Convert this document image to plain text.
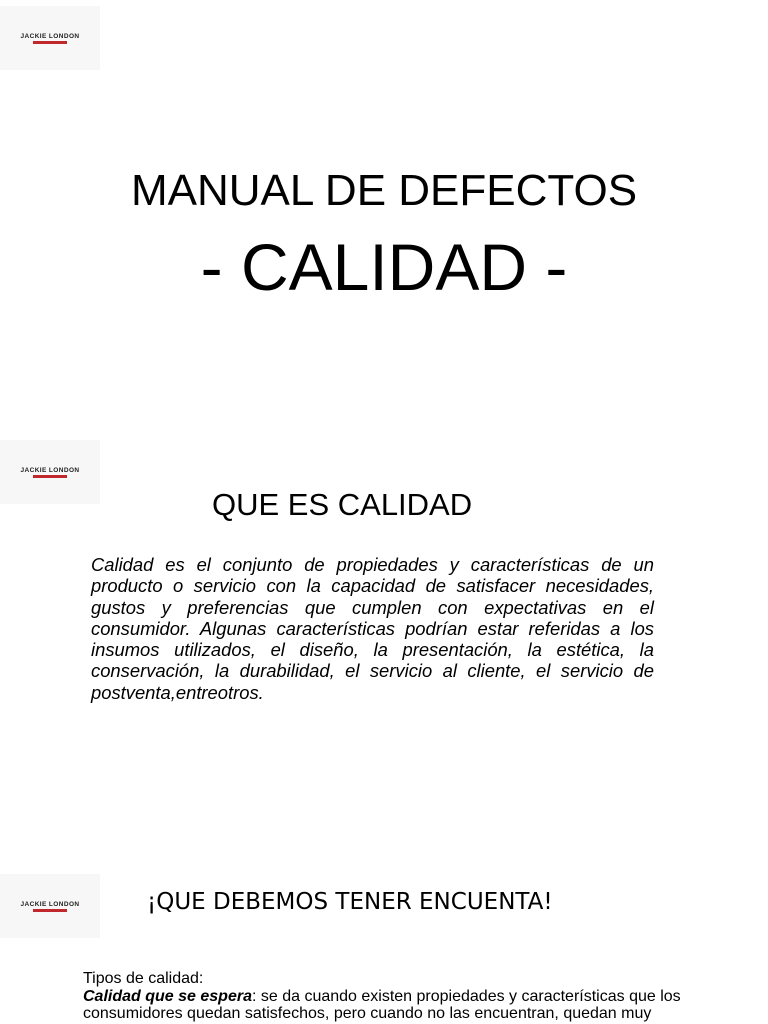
JACKIE LONDON
MANUAL DE DEFECTOS
- CALIDAD -
JACKIE LONDON
QUE ES CALIDAD

Calidad es el conjunto de propiedades y características de un producto o servicio con la capacidad de satisfacer necesidades, gustos y preferencias que cumplen con expectativas en el consumidor. Algunas características podrían estar referidas a los insumos utilizados, el diseño, la presentación, la estética, la conservación, la durabilidad, el servicio al cliente, el servicio de postventa,entreotros.

JACKIE LONDON	¡QUE DEBEMOS TENER ENCUENTA!

Tipos de calidad:
Calidad que se espera: se da cuando existen propiedades y características que los consumidores quedan satisfechos, pero cuando no las encuentran, quedan muy
